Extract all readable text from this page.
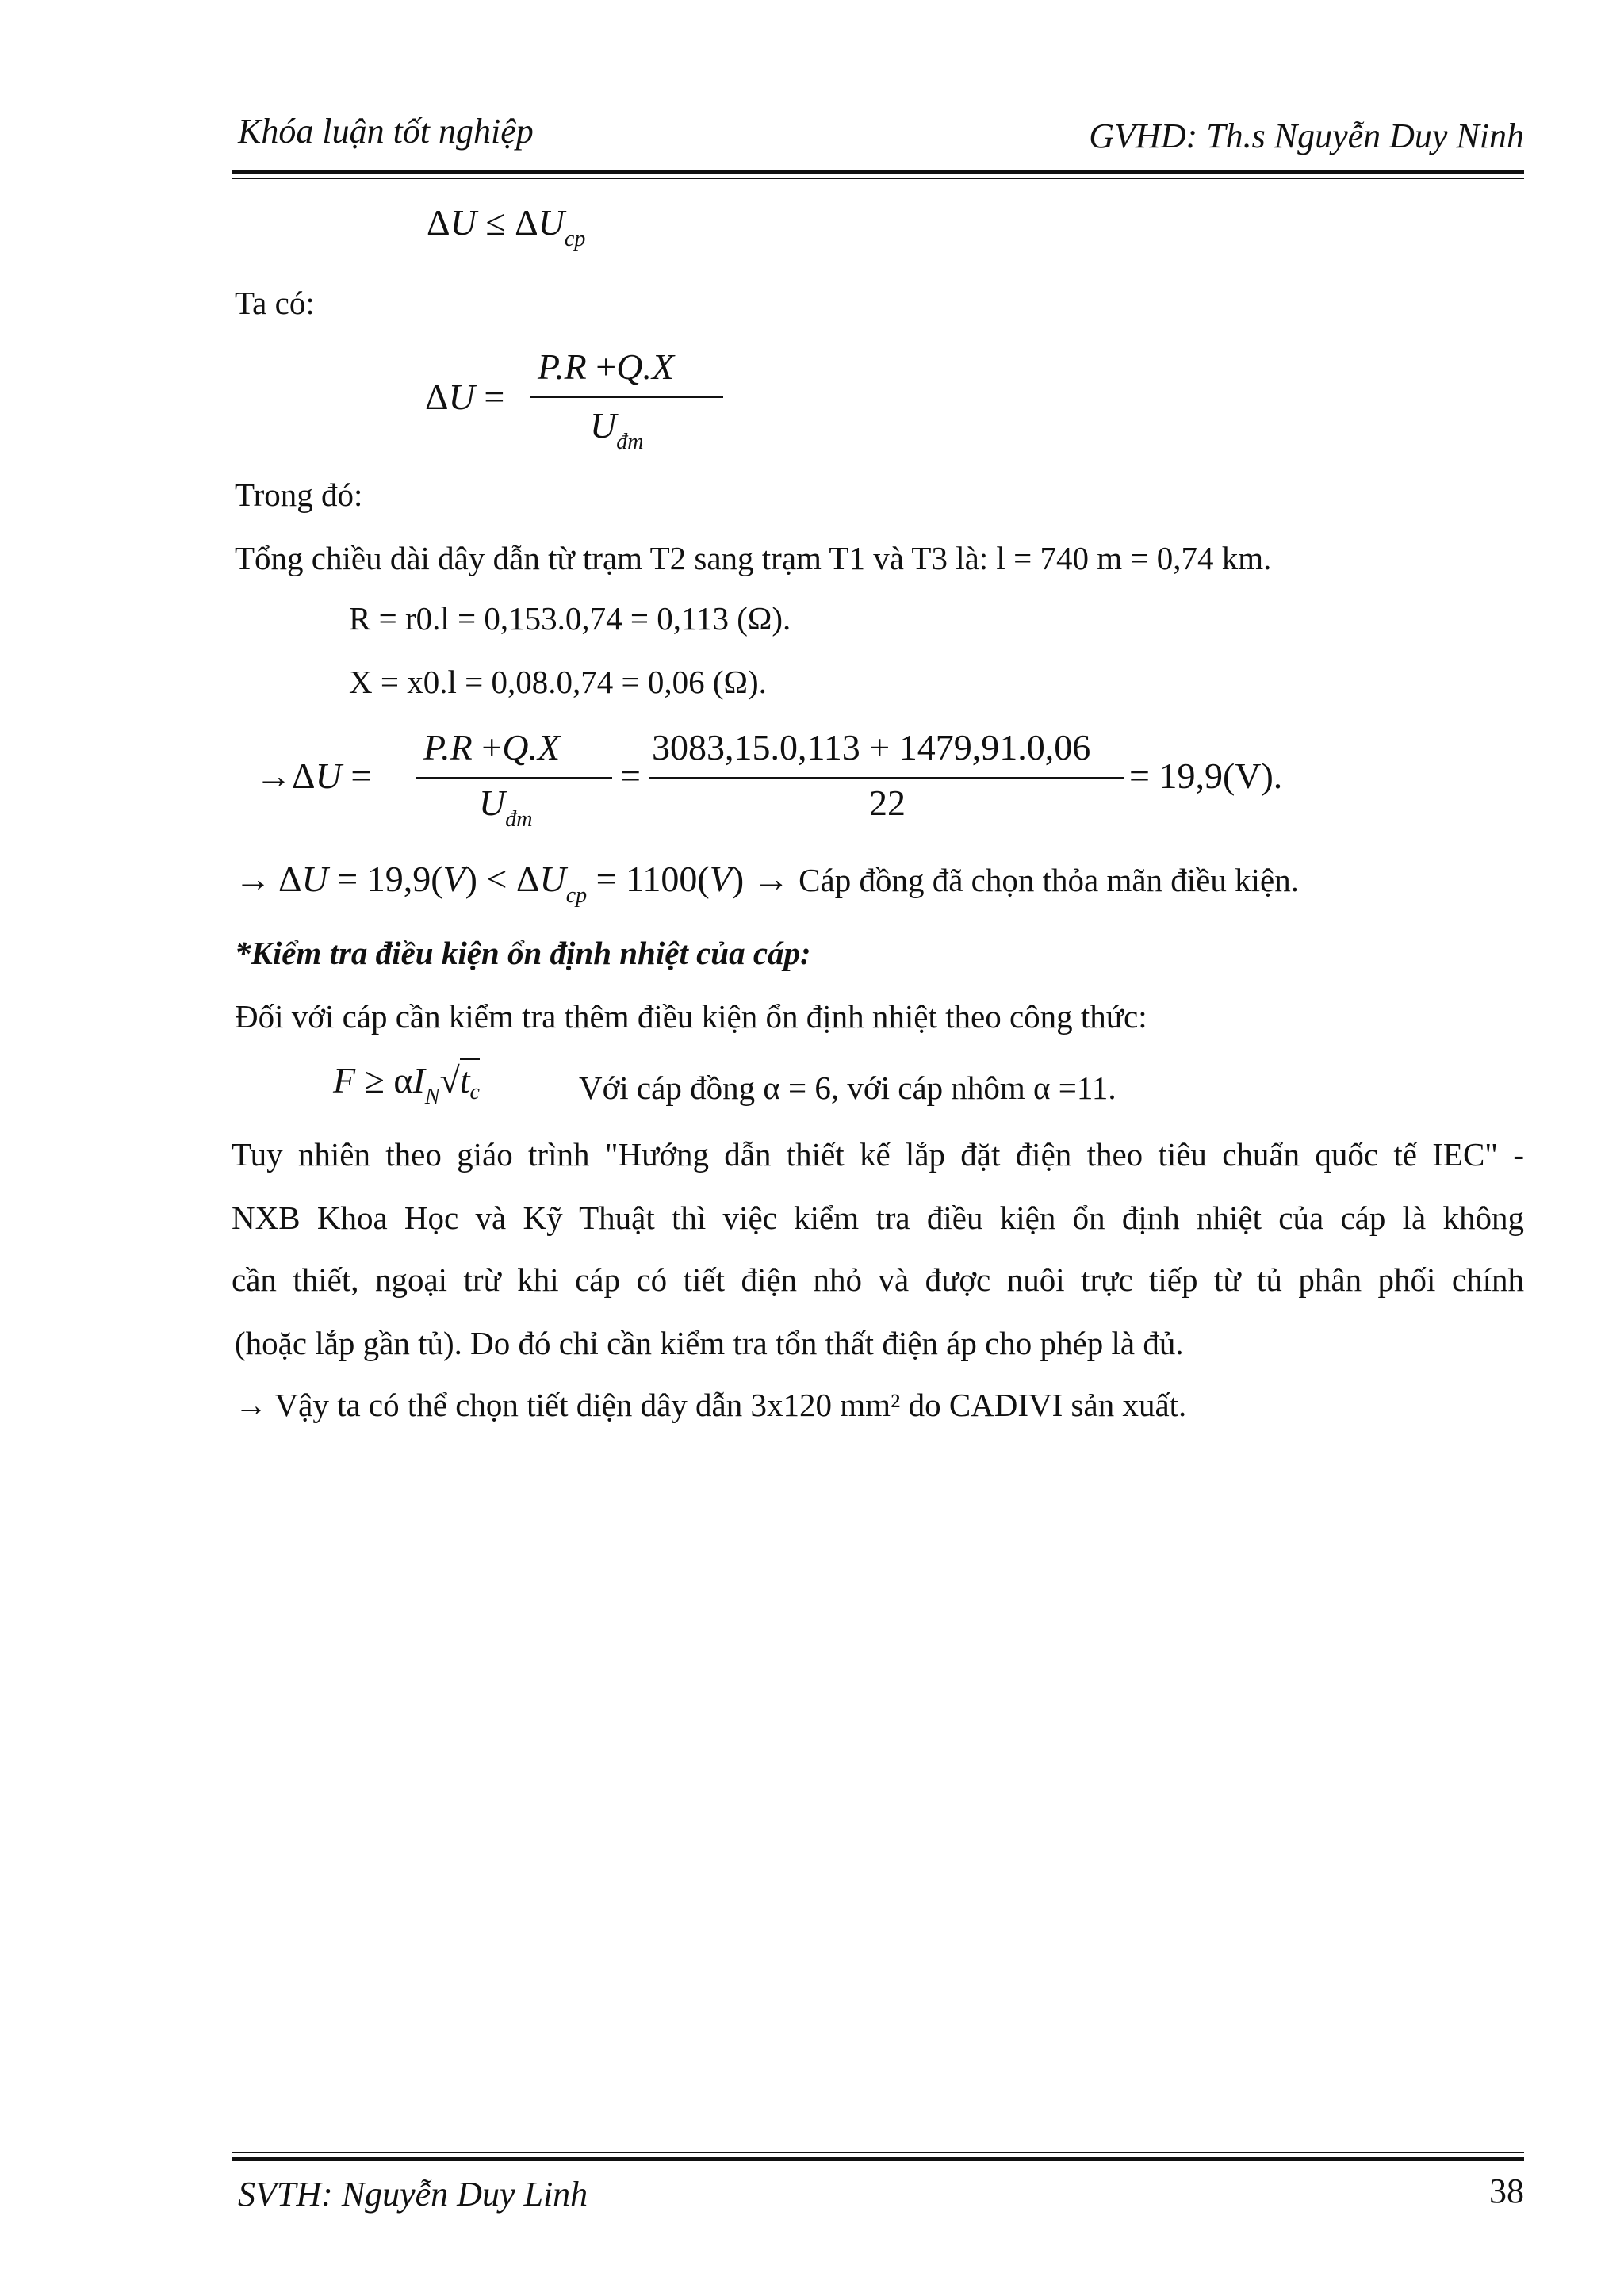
Khóa luận tốt nghiệp	GVHD: Th.s Nguyễn Duy Ninh
$\Delta U \le \Delta U_{cp}$
Ta có:
ΔU =
P.R +Q.X
$U_{đm}$
Trong đó:
Tổng chiều dài dây dẫn từ trạm T2 sang trạm T1 và T3 là: l = 740 m = 0,74 km.
R = r0.l = 0,153.0,74 = 0,113 (Ω).
X = x0.l = 0,08.0,74 = 0,06 (Ω).
→ΔU =
P.R +Q.X
$U_{đm}$
=
3083,15.0,113 + 1479,91.0,06
22
= 19,9(V).
→ ΔU = 19,9(V) < ΔUcp = 1100(V) → Cáp đồng đã chọn thỏa mãn điều kiện.
*Kiểm tra điều kiện ổn định nhiệt của cáp:
Đối với cáp cần kiểm tra thêm điều kiện ổn định nhiệt theo công thức:
F ≥ αIN√tc	Với cáp đồng α = 6, với cáp nhôm α =11.
Tuy nhiên theo giáo trình "Hướng dẫn thiết kế lắp đặt điện theo tiêu chuẩn quốc tế IEC" -
NXB Khoa Học và Kỹ Thuật thì việc kiểm tra điều kiện ổn định nhiệt của cáp là không
cần thiết, ngoại trừ khi cáp có tiết điện nhỏ và được nuôi trực tiếp từ tủ phân phối chính
(hoặc lắp gần tủ). Do đó chỉ cần kiểm tra tổn thất điện áp cho phép là đủ.
→ Vậy ta có thể chọn tiết diện dây dẫn 3x120 mm² do CADIVI sản xuất.
SVTH: Nguyễn Duy Linh	38
